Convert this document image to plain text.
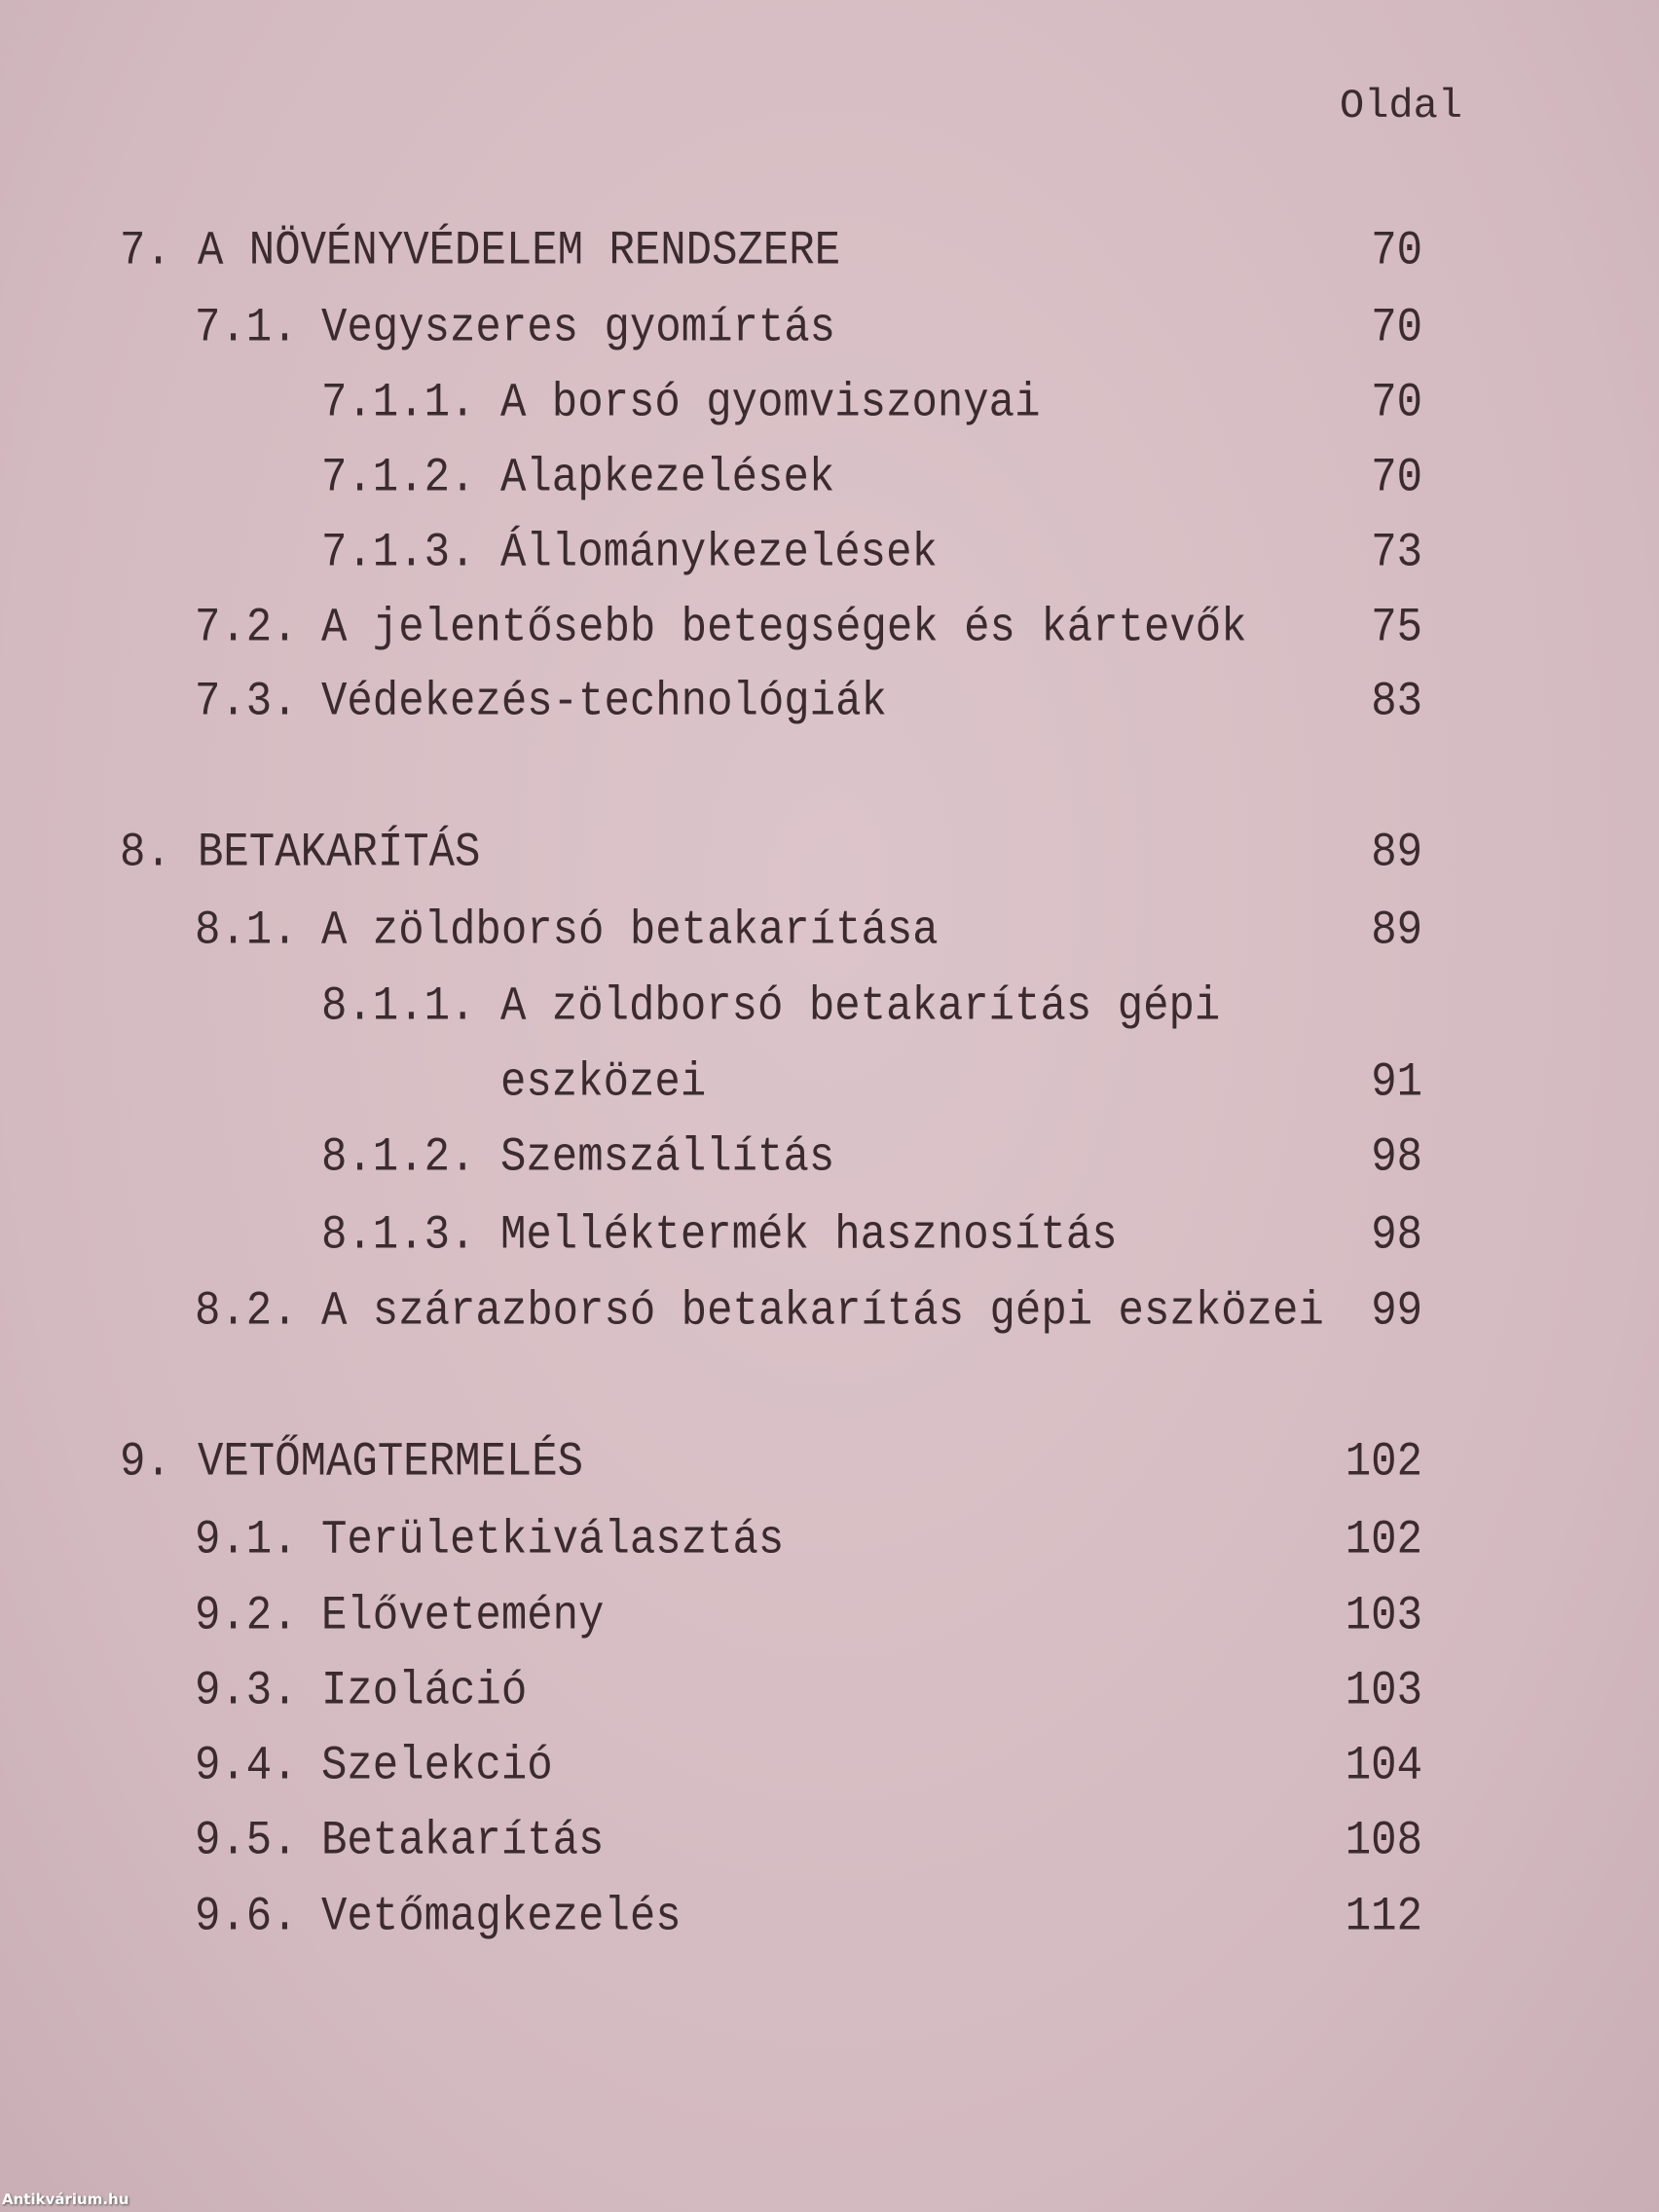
Oldal
7. A NÖVÉNYVÉDELEM RENDSZERE	70
7.1. Vegyszeres gyomírtás	70
7.1.1. A borsó gyomviszonyai	70
7.1.2. Alapkezelések	70
7.1.3. Állománykezelések	73
7.2. A jelentősebb betegségek és kártevők	75
7.3. Védekezés-technológiák	83
8. BETAKARÍTÁS	89
8.1. A zöldborsó betakarítása	89
8.1.1. A zöldborsó betakarítás gépi
eszközei	91
8.1.2. Szemszállítás	98
8.1.3. Melléktermék hasznosítás	98
8.2. A szárazborsó betakarítás gépi eszközei 99
9. VETŐMAGTERMELÉS	102
9.1. Területkiválasztás	102
9.2. Elővetemény	103
9.3. Izoláció	103
9.4. Szelekció	104
9.5. Betakarítás	108
9.6. Vetőmagkezelés	112
Antikvárium.hu
